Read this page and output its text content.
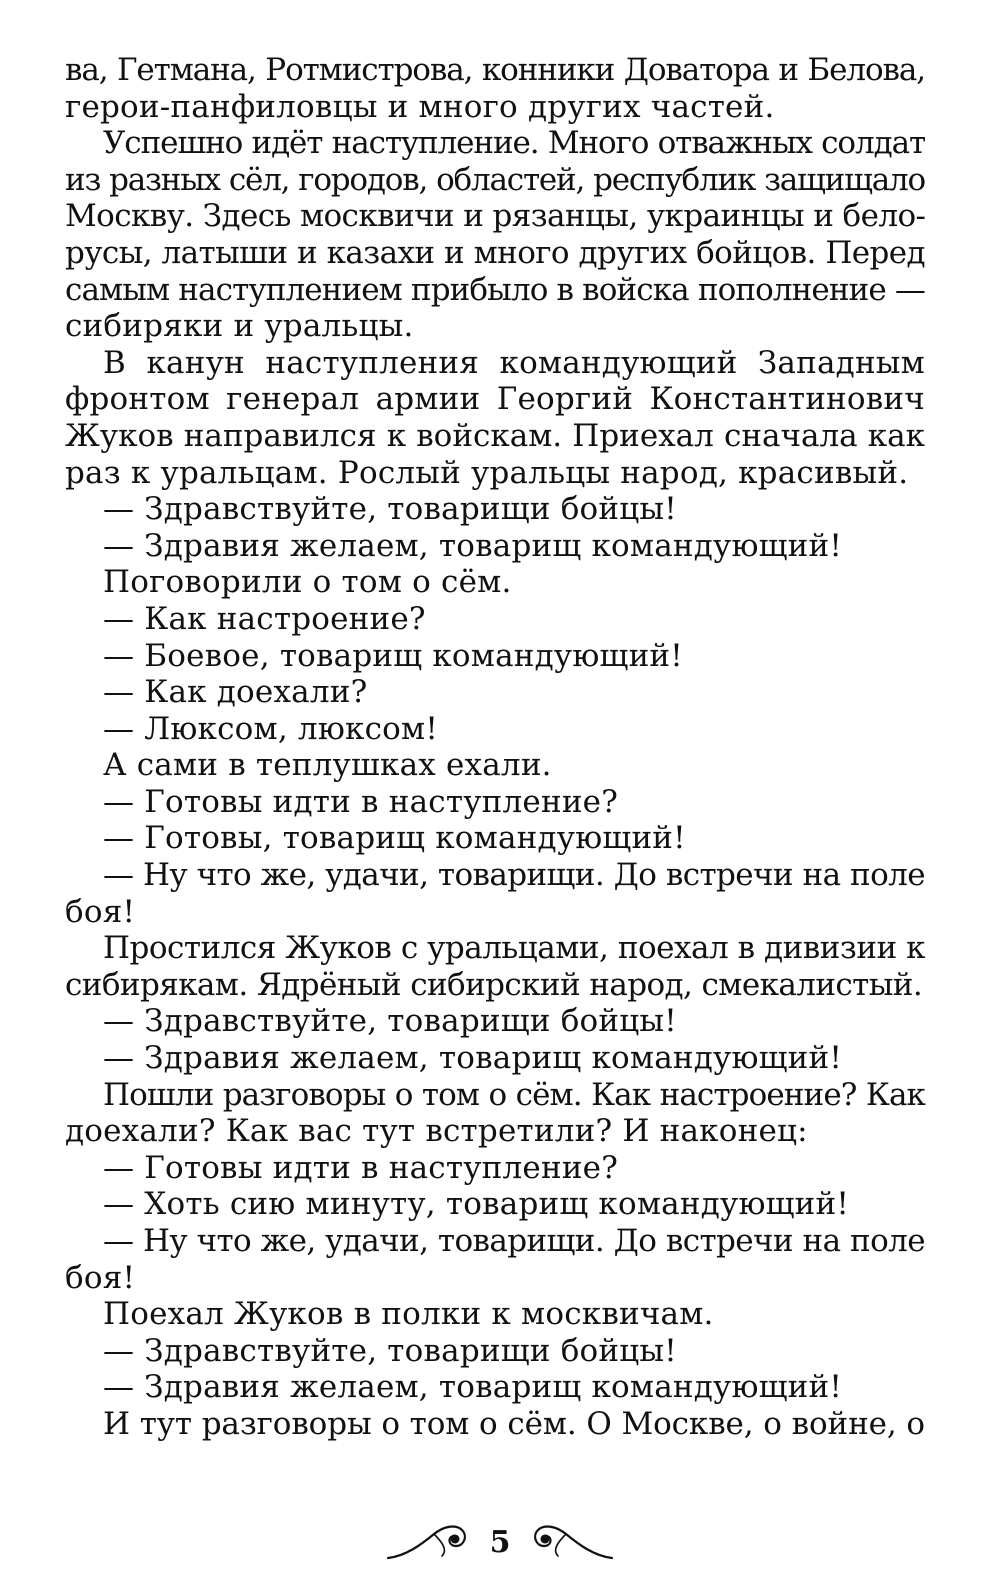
ва, Гетмана, Ротмистрова, конники Доватора и Белова,
герои-панфиловцы и много других частей.
Успешно идёт наступление. Много отважных солдат
из разных сёл, городов, областей, республик защищало
Москву. Здесь москвичи и рязанцы, украинцы и бело-
русы, латыши и казахи и много других бойцов. Перед
самым наступлением прибыло в войска пополнение —
сибиряки и уральцы.
В канун наступления командующий Западным
фронтом генерал армии Георгий Константинович
Жуков направился к войскам. Приехал сначала как
раз к уральцам. Рослый уральцы народ, красивый.
— Здравствуйте, товарищи бойцы!
— Здравия желаем, товарищ командующий!
Поговорили о том о сём.
— Как настроение?
— Боевое, товарищ командующий!
— Как доехали?
— Люксом, люксом!
А сами в теплушках ехали.
— Готовы идти в наступление?
— Готовы, товарищ командующий!
— Ну что же, удачи, товарищи. До встречи на поле
боя!
Простился Жуков с уральцами, поехал в дивизии к
сибирякам. Ядрёный сибирский народ, смекалистый.
— Здравствуйте, товарищи бойцы!
— Здравия желаем, товарищ командующий!
Пошли разговоры о том о сём. Как настроение? Как
доехали? Как вас тут встретили? И наконец:
— Готовы идти в наступление?
— Хоть сию минуту, товарищ командующий!
— Ну что же, удачи, товарищи. До встречи на поле
боя!
Поехал Жуков в полки к москвичам.
— Здравствуйте, товарищи бойцы!
— Здравия желаем, товарищ командующий!
И тут разговоры о том о сём. О Москве, о войне, о
5
